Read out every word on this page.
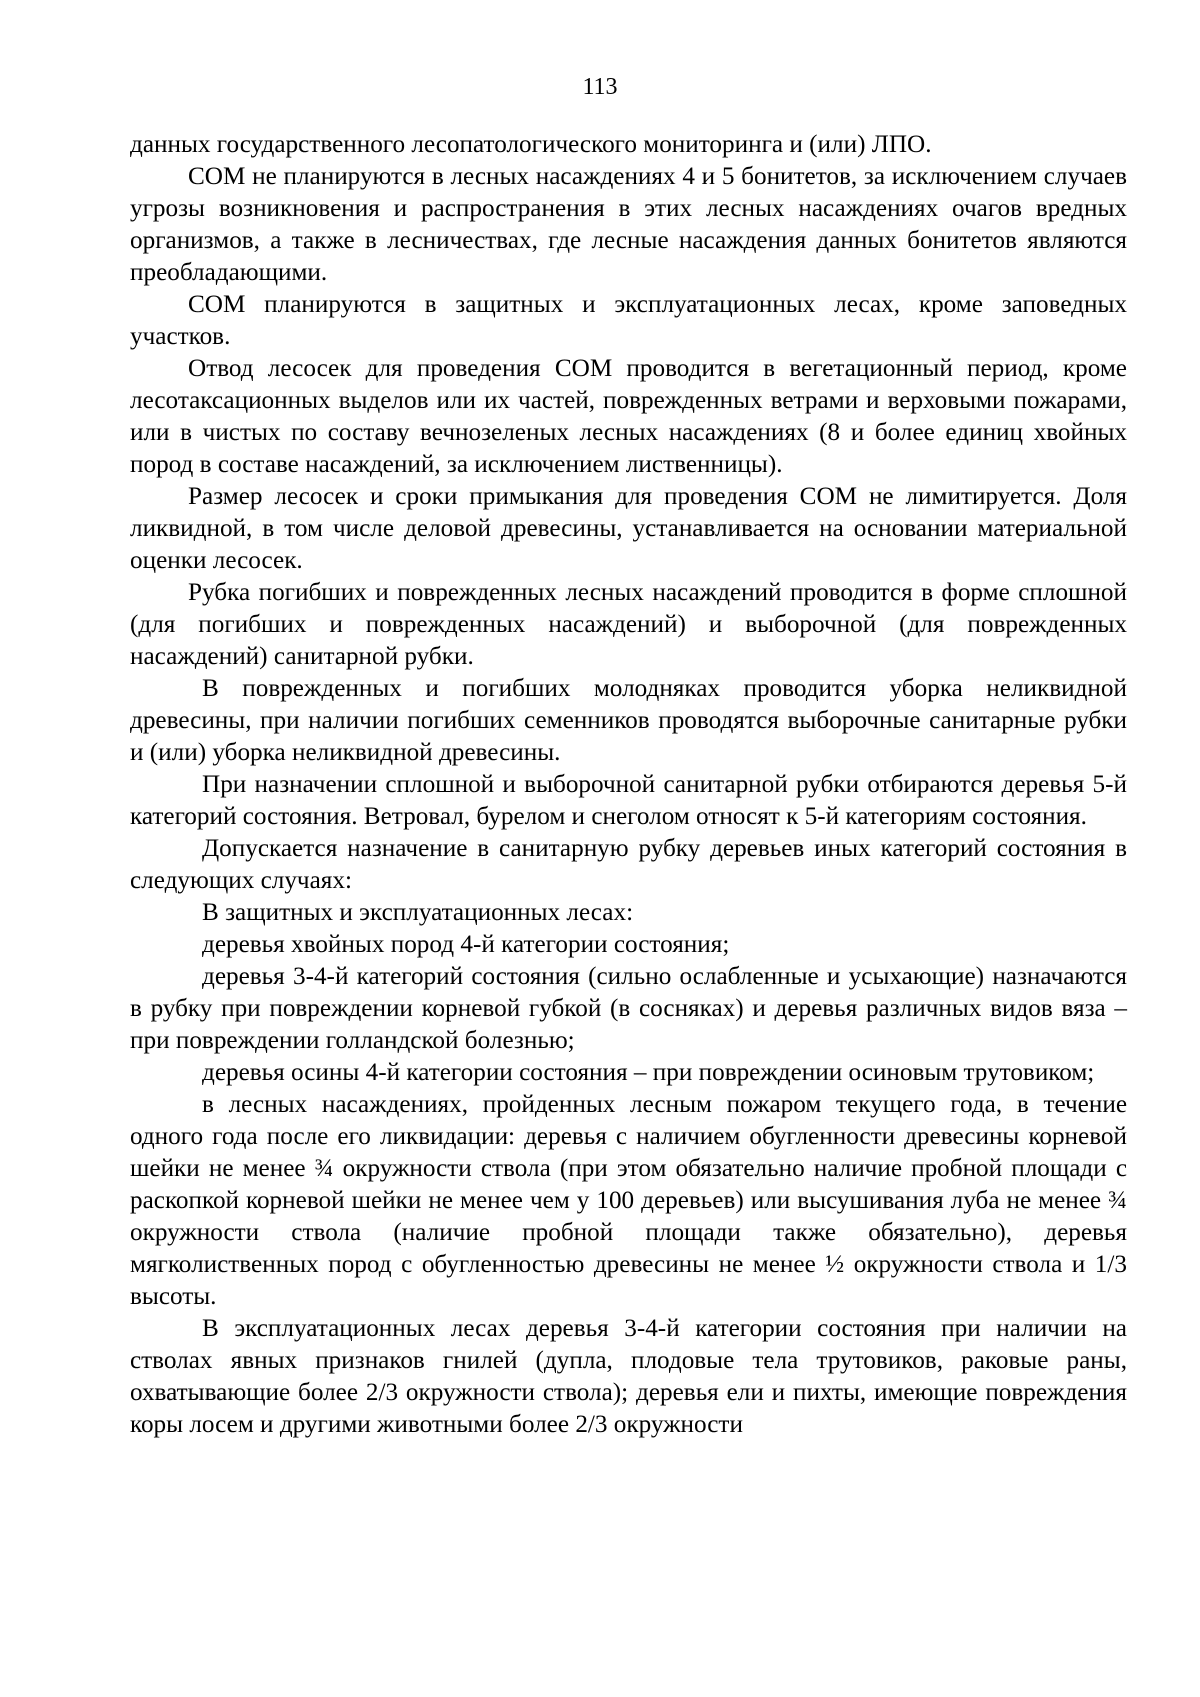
113

данных государственного лесопатологического мониторинга и (или) ЛПО.

СОМ не планируются в лесных насаждениях 4 и 5 бонитетов, за исключением случаев угрозы возникновения и распространения в этих лесных насаждениях очагов вредных организмов, а также в лесничествах, где лесные насаждения данных бонитетов являются преобладающими.

СОМ планируются в защитных и эксплуатационных лесах, кроме заповедных участков.

Отвод лесосек для проведения СОМ проводится в вегетационный период, кроме лесотаксационных выделов или их частей, поврежденных ветрами и верховыми пожарами, или в чистых по составу вечнозеленых лесных насаждениях (8 и более единиц хвойных пород в составе насаждений, за исключением лиственницы).

Размер лесосек и сроки примыкания для проведения СОМ не лимитируется. Доля ликвидной, в том числе деловой древесины, устанавливается на основании материальной оценки лесосек.

Рубка погибших и поврежденных лесных насаждений проводится в форме сплошной (для погибших и поврежденных насаждений) и выборочной (для поврежденных насаждений) санитарной рубки.

В поврежденных и погибших молодняках проводится уборка неликвидной древесины, при наличии погибших семенников проводятся выборочные санитарные рубки и (или) уборка неликвидной древесины.

При назначении сплошной и выборочной санитарной рубки отбираются деревья 5-й категорий состояния. Ветровал, бурелом и снеголом относят к 5-й категориям состояния.

Допускается назначение в санитарную рубку деревьев иных категорий состояния в следующих случаях:

В защитных и эксплуатационных лесах:

деревья хвойных пород 4-й категории состояния;

деревья 3-4-й категорий состояния (сильно ослабленные и усыхающие) назначаются в рубку при повреждении корневой губкой (в сосняках) и деревья различных видов вяза – при повреждении голландской болезнью;

деревья осины 4-й категории состояния – при повреждении осиновым трутовиком;

в лесных насаждениях, пройденных лесным пожаром текущего года, в течение одного года после его ликвидации: деревья с наличием обугленности древесины корневой шейки не менее ¾ окружности ствола (при этом обязательно наличие пробной площади с раскопкой корневой шейки не менее чем у 100 деревьев) или высушивания луба не менее ¾ окружности ствола (наличие пробной площади также обязательно), деревья мягколиственных пород с обугленностью древесины не менее ½ окружности ствола и 1/3 высоты.

В эксплуатационных лесах деревья 3-4-й категории состояния при наличии на стволах явных признаков гнилей (дупла, плодовые тела трутовиков, раковые раны, охватывающие более 2/3 окружности ствола); деревья ели и пихты, имеющие повреждения коры лосем и другими животными более 2/3 окружности
